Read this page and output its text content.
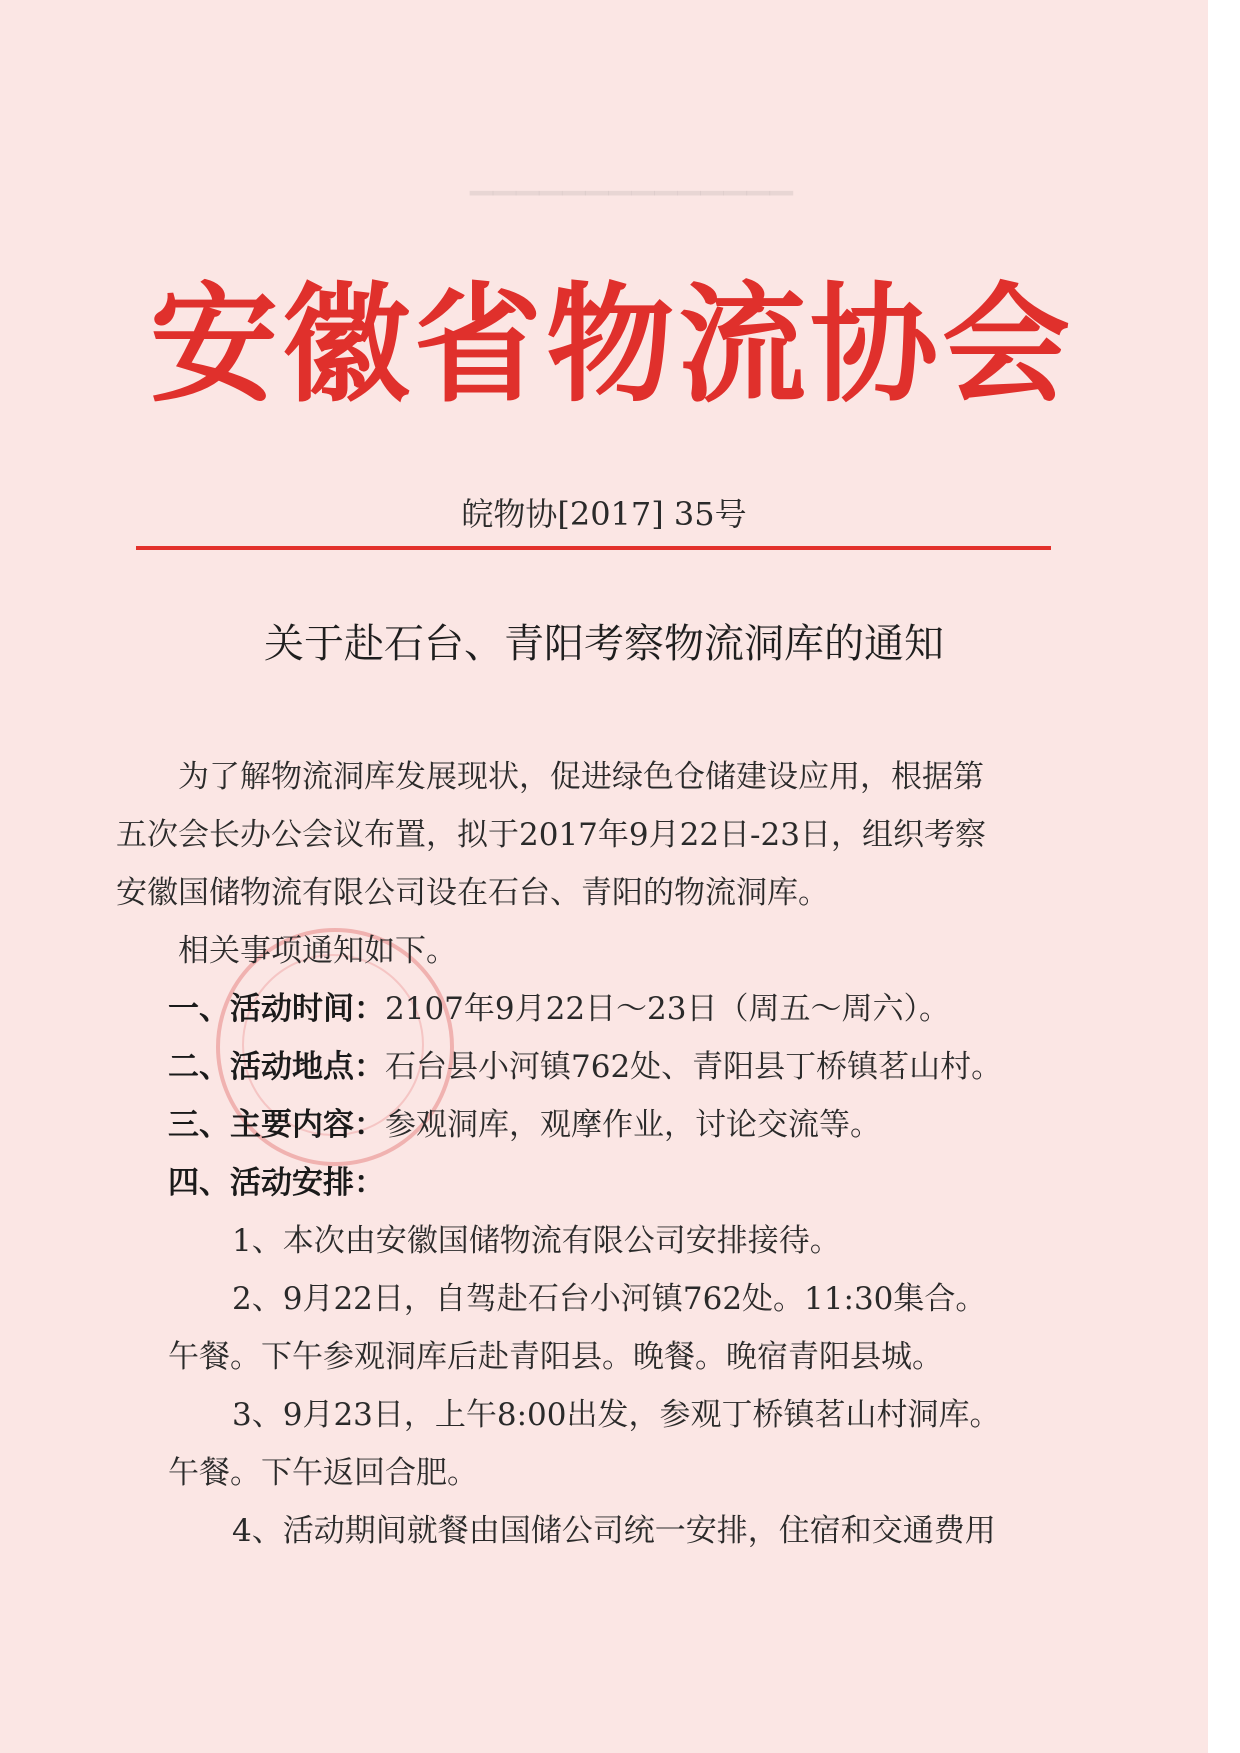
▁▁▁▁▁▁▁▁▁▁▁▁▁▁
安徽省物流协会
皖物协[2017] 35号
关于赴石台、青阳考察物流洞库的通知
为了解物流洞库发展现状，促进绿色仓储建设应用，根据第
五次会长办公会议布置，拟于2017年9月22日-23日，组织考察
安徽国储物流有限公司设在石台、青阳的物流洞库。
相关事项通知如下。
一、活动时间：2107年9月22日～23日（周五～周六）。
二、活动地点：石台县小河镇762处、青阳县丁桥镇茗山村。
三、主要内容：参观洞库，观摩作业，讨论交流等。
四、活动安排：
1、本次由安徽国储物流有限公司安排接待。
2、9月22日，自驾赴石台小河镇762处。11:30集合。
午餐。下午参观洞库后赴青阳县。晚餐。晚宿青阳县城。
3、9月23日，上午8:00出发，参观丁桥镇茗山村洞库。
午餐。下午返回合肥。
4、活动期间就餐由国储公司统一安排，住宿和交通费用
